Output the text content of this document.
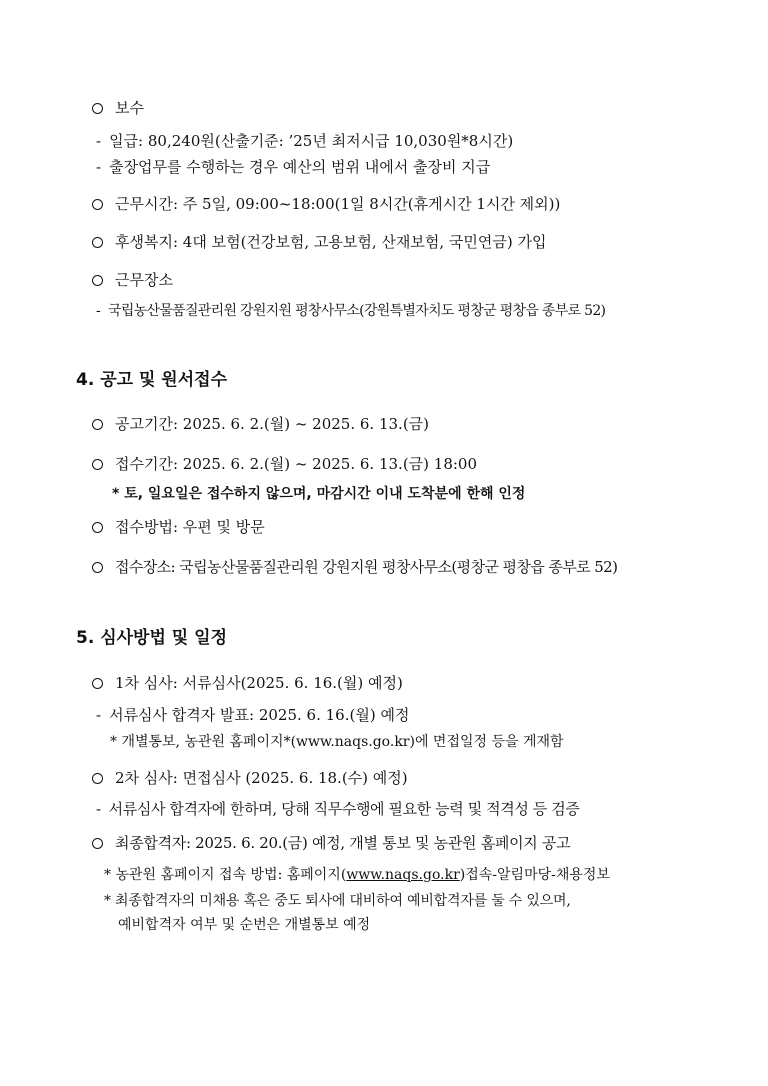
보수
- 일급: 80,240원(산출기준: ’25년 최저시급 10,030원*8시간)
- 출장업무를 수행하는 경우 예산의 범위 내에서 출장비 지급
근무시간: 주 5일, 09:00~18:00(1일 8시간(휴게시간 1시간 제외))
후생복지: 4대 보험(건강보험, 고용보험, 산재보험, 국민연금) 가입
근무장소
- 국립농산물품질관리원 강원지원 평창사무소(강원특별자치도 평창군 평창읍 종부로 52)
4. 공고 및 원서접수
공고기간: 2025. 6. 2.(월) ~ 2025. 6. 13.(금)
접수기간: 2025. 6. 2.(월) ~ 2025. 6. 13.(금) 18:00
* 토, 일요일은 접수하지 않으며, 마감시간 이내 도착분에 한해 인정
접수방법: 우편 및 방문
접수장소: 국립농산물품질관리원 강원지원 평창사무소(평창군 평창읍 종부로 52)
5. 심사방법 및 일정
1차 심사: 서류심사(2025. 6. 16.(월) 예정)
- 서류심사 합격자 발표: 2025. 6. 16.(월) 예정
* 개별통보, 농관원 홈페이지*(www.naqs.go.kr)에 면접일정 등을 게재함
2차 심사: 면접심사 (2025. 6. 18.(수) 예정)
- 서류심사 합격자에 한하며, 당해 직무수행에 필요한 능력 및 적격성 등 검증
최종합격자: 2025. 6. 20.(금) 예정, 개별 통보 및 농관원 홈페이지 공고
* 농관원 홈페이지 접속 방법: 홈페이지(www.naqs.go.kr)접속-알림마당-채용정보
* 최종합격자의 미채용 혹은 중도 퇴사에 대비하여 예비합격자를 둘 수 있으며,
예비합격자 여부 및 순번은 개별통보 예정
